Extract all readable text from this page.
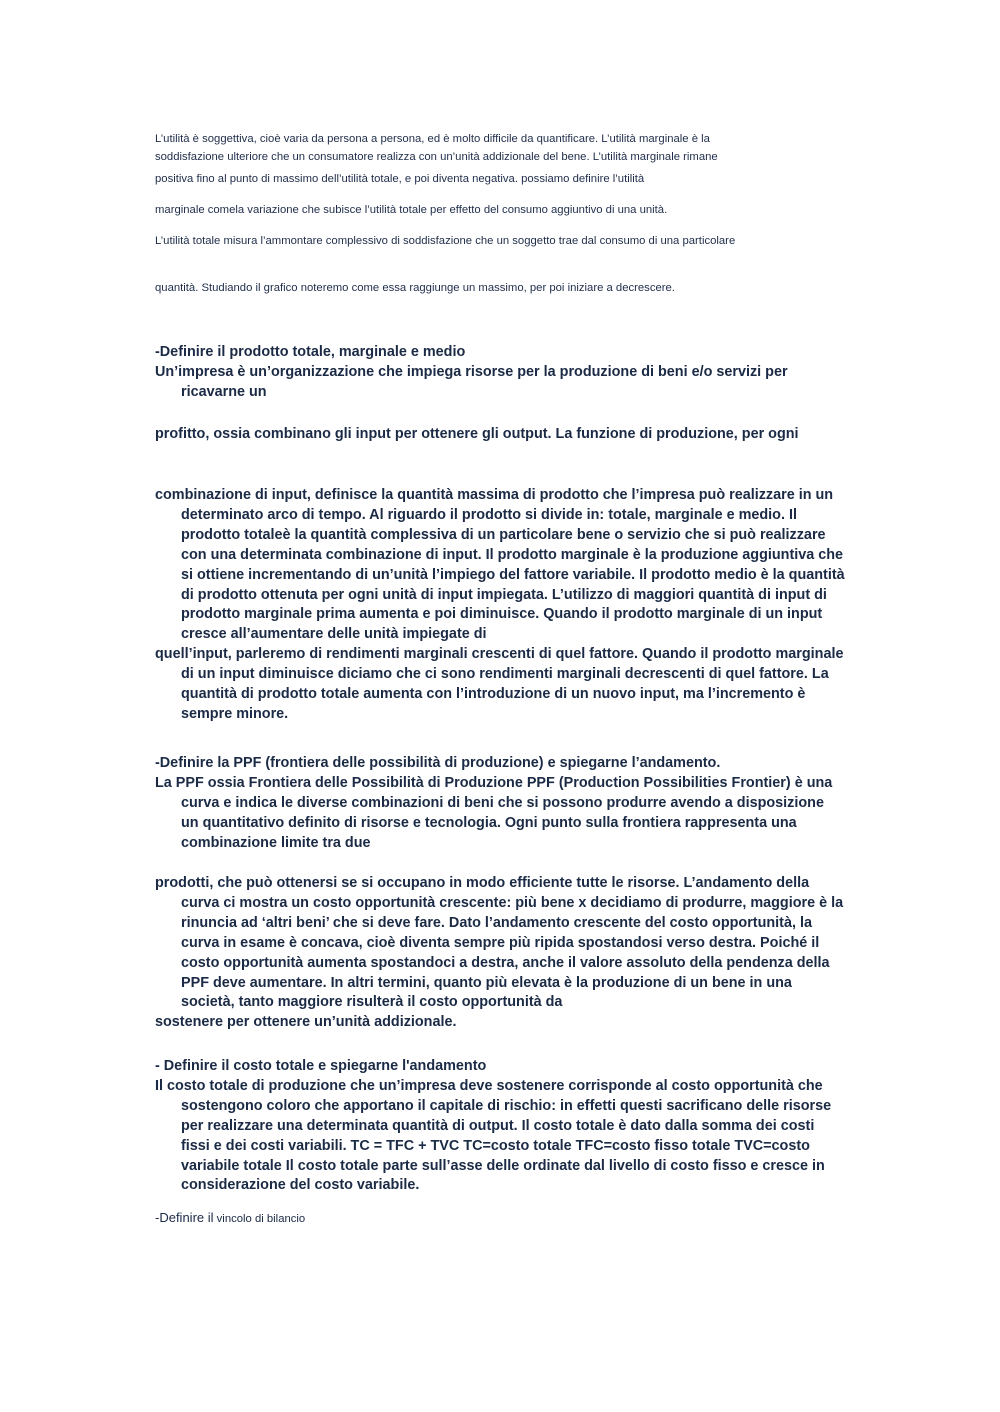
L’utilità è soggettiva, cioè varia da persona a persona, ed è molto difficile da quantificare. L’utilità marginale è la
soddisfazione ulteriore che un consumatore realizza con un’unità addizionale del bene. L’utilità marginale rimane
positiva fino al punto di massimo dell’utilità totale, e poi diventa negativa. possiamo definire l’utilità
marginale comela variazione che subisce l’utilità totale per effetto del consumo aggiuntivo di una unità.
L’utilità totale misura l’ammontare complessivo di soddisfazione che un soggetto trae dal consumo di una particolare
quantità. Studiando il grafico noteremo come essa raggiunge un massimo, per poi iniziare a decrescere.

-Definire il prodotto totale, marginale e medio

Un’impresa è un’organizzazione che impiega risorse per la produzione di beni e/o servizi per ricavarne un

profitto, ossia combinano gli input per ottenere gli output. La funzione di produzione, per ogni

combinazione di input, definisce la quantità massima di prodotto che l’impresa può realizzare in un determinato arco di tempo. Al riguardo il prodotto si divide in: totale, marginale e medio. Il prodotto totaleè la quantità complessiva di un particolare bene o servizio che si può realizzare con una determinata combinazione di input. Il prodotto marginale è la produzione aggiuntiva che si ottiene incrementando di un’unità l’impiego del fattore variabile. Il prodotto medio è la quantità di prodotto ottenuta per ogni unità di input impiegata. L’utilizzo di maggiori quantità di input di prodotto marginale prima aumenta e poi diminuisce. Quando il prodotto marginale di un input cresce all’aumentare delle unità impiegate di

quell’input, parleremo di rendimenti marginali crescenti di quel fattore. Quando il prodotto marginale di un input diminuisce diciamo che ci sono rendimenti marginali decrescenti di quel fattore. La quantità di prodotto totale aumenta con l’introduzione di un nuovo input, ma l’incremento è sempre minore.

-Definire la PPF (frontiera delle possibilità di produzione) e spiegarne l’andamento.

La PPF ossia Frontiera delle Possibilità di Produzione PPF (Production Possibilities Frontier) è una curva e indica le diverse combinazioni di beni che si possono produrre avendo a disposizione un quantitativo definito di risorse e tecnologia. Ogni punto sulla frontiera rappresenta una combinazione limite tra due

prodotti, che può ottenersi se si occupano in modo efficiente tutte le risorse. L’andamento della curva ci mostra un costo opportunità crescente: più bene x decidiamo di produrre, maggiore è la rinuncia ad ‘altri beni’ che si deve fare. Dato l’andamento crescente del costo opportunità, la curva in esame è concava, cioè diventa sempre più ripida spostandosi verso destra. Poiché il costo opportunità aumenta spostandoci a destra, anche il valore assoluto della pendenza della PPF deve aumentare. In altri termini, quanto più elevata è la produzione di un bene in una società, tanto maggiore risulterà il costo opportunità da

sostenere per ottenere un’unità addizionale.

- Definire il costo totale e spiegarne l'andamento

Il costo totale di produzione che un’impresa deve sostenere corrisponde al costo opportunità che sostengono coloro che apportano il capitale di rischio: in effetti questi sacrificano delle risorse per realizzare una determinata quantità di output. Il costo totale è dato dalla somma dei costi fissi e dei costi variabili. TC = TFC + TVC TC=costo totale TFC=costo fisso totale TVC=costo variabile totale Il costo totale parte sull’asse delle ordinate dal livello di costo fisso e cresce in considerazione del costo variabile.

-Definire il vincolo di bilancio
